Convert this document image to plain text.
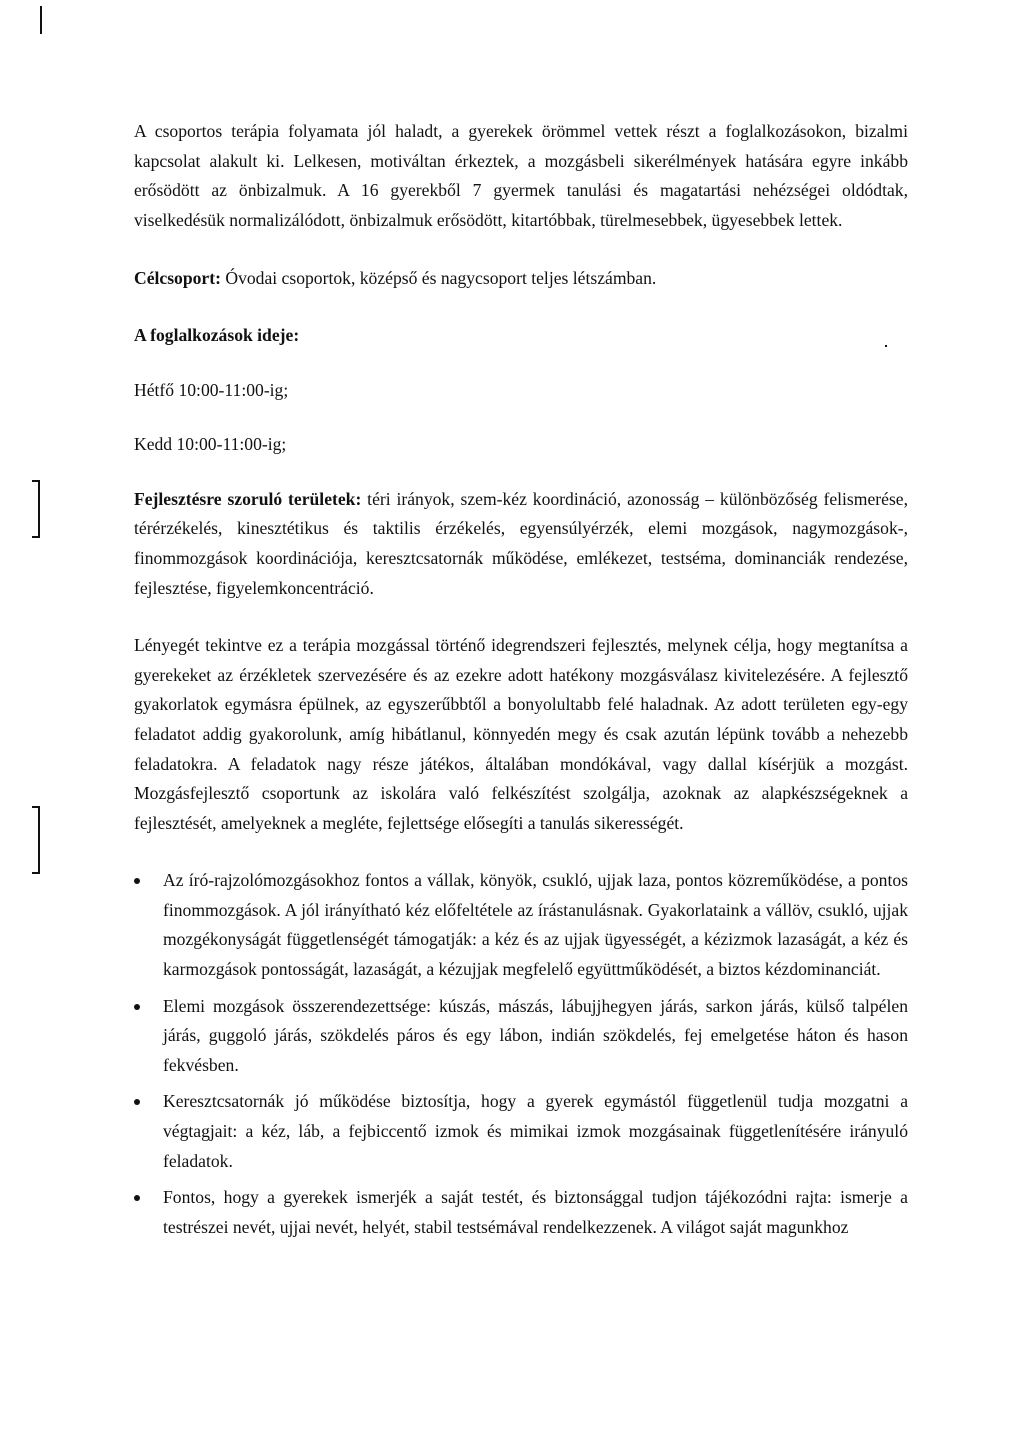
A csoportos terápia folyamata jól haladt, a gyerekek örömmel vettek részt a foglalkozásokon, bizalmi kapcsolat alakult ki. Lelkesen, motiváltan érkeztek, a mozgásbeli sikerélmények hatására egyre inkább erősödött az önbizalmuk. A 16 gyerekből 7 gyermek tanulási és magatartási nehézségei oldódtak, viselkedésük normalizálódott, önbizalmuk erősödött, kitartóbbak, türelmesebbek, ügyesebbek lettek.

Célcsoport: Óvodai csoportok, középső és nagycsoport teljes létszámban.

A foglalkozások ideje:

Hétfő 10:00-11:00-ig;

Kedd 10:00-11:00-ig;

Fejlesztésre szoruló területek: téri irányok, szem-kéz koordináció, azonosság – különbözőség felismerése, térérzékelés, kinesztétikus és taktilis érzékelés, egyensúlyérzék, elemi mozgások, nagymozgások-, finommozgások koordinációja, keresztcsatornák működése, emlékezet, testséma, dominanciák rendezése, fejlesztése, figyelemkoncentráció.

Lényegét tekintve ez a terápia mozgással történő idegrendszeri fejlesztés, melynek célja, hogy megtanítsa a gyerekeket az érzékletek szervezésére és az ezekre adott hatékony mozgásválasz kivitelezésére. A fejlesztő gyakorlatok egymásra épülnek, az egyszerűbbtől a bonyolultabb felé haladnak. Az adott területen egy-egy feladatot addig gyakorolunk, amíg hibátlanul, könnyedén megy és csak azután lépünk tovább a nehezebb feladatokra. A feladatok nagy része játékos, általában mondókával, vagy dallal kísérjük a mozgást. Mozgásfejlesztő csoportunk az iskolára való felkészítést szolgálja, azoknak az alapkészségeknek a fejlesztését, amelyeknek a megléte, fejlettsége elősegíti a tanulás sikerességét.

Az író-rajzolómozgásokhoz fontos a vállak, könyök, csukló, ujjak laza, pontos közreműködése, a pontos finommozgások. A jól irányítható kéz előfeltétele az írástanulásnak. Gyakorlataink a vállöv, csukló, ujjak mozgékonyságát függetlenségét támogatják: a kéz és az ujjak ügyességét, a kézizmok lazaságát, a kéz és karmozgások pontosságát, lazaságát, a kézujjak megfelelő együttműködését, a biztos kézdominanciát.
Elemi mozgások összerendezettsége: kúszás, mászás, lábujjhegyen járás, sarkon járás, külső talpélen járás, guggoló járás, szökdelés páros és egy lábon, indián szökdelés, fej emelgetése háton és hason fekvésben.
Keresztcsatornák jó működése biztosítja, hogy a gyerek egymástól függetlenül tudja mozgatni a végtagjait: a kéz, láb, a fejbiccentő izmok és mimikai izmok mozgásainak függetlenítésére irányuló feladatok.
Fontos, hogy a gyerekek ismerjék a saját testét, és biztonsággal tudjon tájékozódni rajta: ismerje a testrészei nevét, ujjai nevét, helyét, stabil testsémával rendelkezzenek. A világot saját magunkhoz
